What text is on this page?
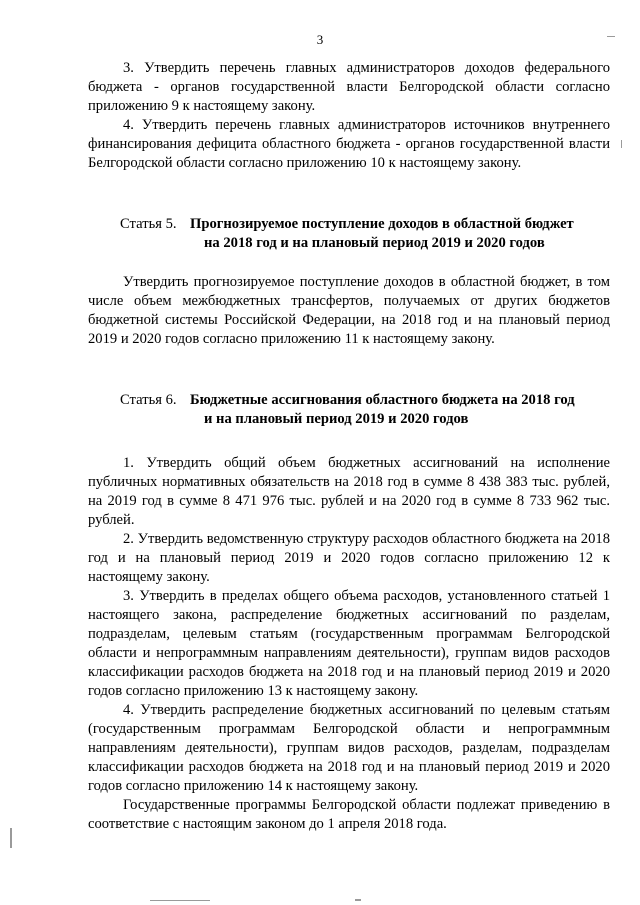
3

3. Утвердить перечень главных администраторов доходов федерального бюджета - органов государственной власти Белгородской области согласно приложению 9 к настоящему закону.

4. Утвердить перечень главных администраторов источников внутреннего финансирования дефицита областного бюджета - органов государственной власти Белгородской области согласно приложению 10 к настоящему закону.

Статья 5. Прогнозируемое поступление доходов в областной бюджет
на 2018 год и на плановый период 2019 и 2020 годов

Утвердить прогнозируемое поступление доходов в областной бюджет, в том числе объем межбюджетных трансфертов, получаемых от других бюджетов бюджетной системы Российской Федерации, на 2018 год и на плановый период 2019 и 2020 годов согласно приложению 11 к настоящему закону.

Статья 6. Бюджетные ассигнования областного бюджета на 2018 год
и на плановый период 2019 и 2020 годов

1. Утвердить общий объем бюджетных ассигнований на исполнение публичных нормативных обязательств на 2018 год в сумме 8 438 383 тыс. рублей, на 2019 год в сумме 8 471 976 тыс. рублей и на 2020 год в сумме 8 733 962 тыс. рублей.

2. Утвердить ведомственную структуру расходов областного бюджета на 2018 год и на плановый период 2019 и 2020 годов согласно приложению 12 к настоящему закону.

3. Утвердить в пределах общего объема расходов, установленного статьей 1 настоящего закона, распределение бюджетных ассигнований по разделам, подразделам, целевым статьям (государственным программам Белгородской области и непрограммным направлениям деятельности), группам видов расходов классификации расходов бюджета на 2018 год и на плановый период 2019 и 2020 годов согласно приложению 13 к настоящему закону.

4. Утвердить распределение бюджетных ассигнований по целевым статьям (государственным программам Белгородской области и непрограммным направлениям деятельности), группам видов расходов, разделам, подразделам классификации расходов бюджета на 2018 год и на плановый период 2019 и 2020 годов согласно приложению 14 к настоящему закону.

Государственные программы Белгородской области подлежат приведению в соответствие с настоящим законом до 1 апреля 2018 года.
